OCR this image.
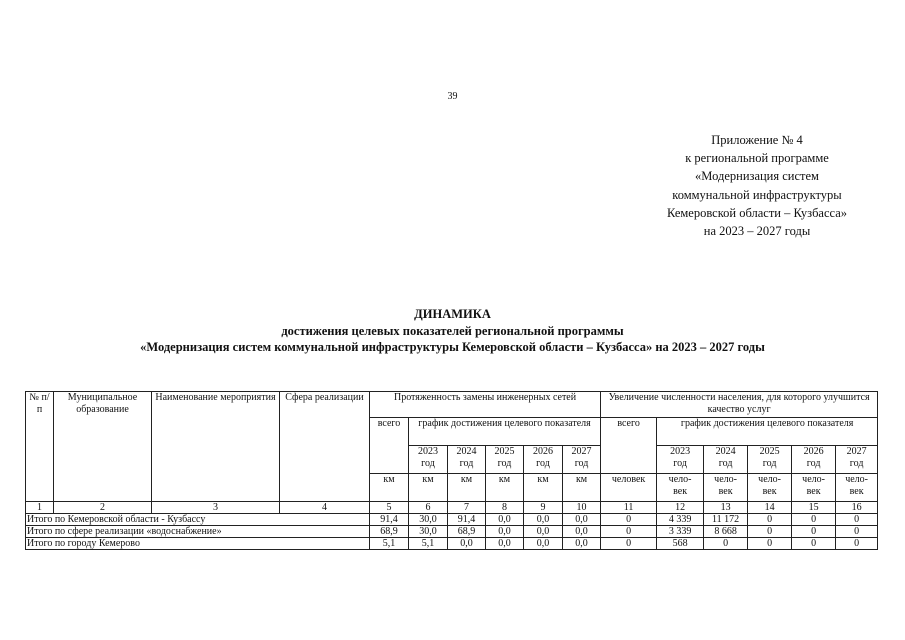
39
Приложение № 4
к региональной программе
«Модернизация систем
коммунальной инфраструктуры
Кемеровской области – Кузбасса»
на 2023 – 2027 годы
ДИНАМИКА
достижения целевых показателей региональной программы
«Модернизация систем коммунальной инфраструктуры Кемеровской области – Кузбасса» на 2023 – 2027 годы
№ п/п	Муниципальное образование	Наименование мероприятия	Сфера реализации	Протяженность замены инженерных сетей						Увеличение численности населения, для которого улучшится качество услуг					
				всего	график достижения целевого показателя					всего	график достижения целевого показателя				

					2023
год	2024
год	2025
год	2026
год	2027
год		2023
год	2024
год	2025
год	2026
год	2027
год

				км	км	км	км	км	км	человек	чело-
век	чело-
век	чело-
век	чело-
век	чело-
век

1	2	3	4	5	6	7	8	9	10	11	12	13	14	15	16
Итого по Кемеровской области - Кузбассу				91,4	30,0	91,4	0,0	0,0	0,0	0	4 339	11 172	0	0	0
Итого по сфере реализации «водоснабжение»				68,9	30,0	68,9	0,0	0,0	0,0	0	3 339	8 668	0	0	0
Итого по городу Кемерово				5,1	5,1	0,0	0,0	0,0	0,0	0	568	0	0	0	0
